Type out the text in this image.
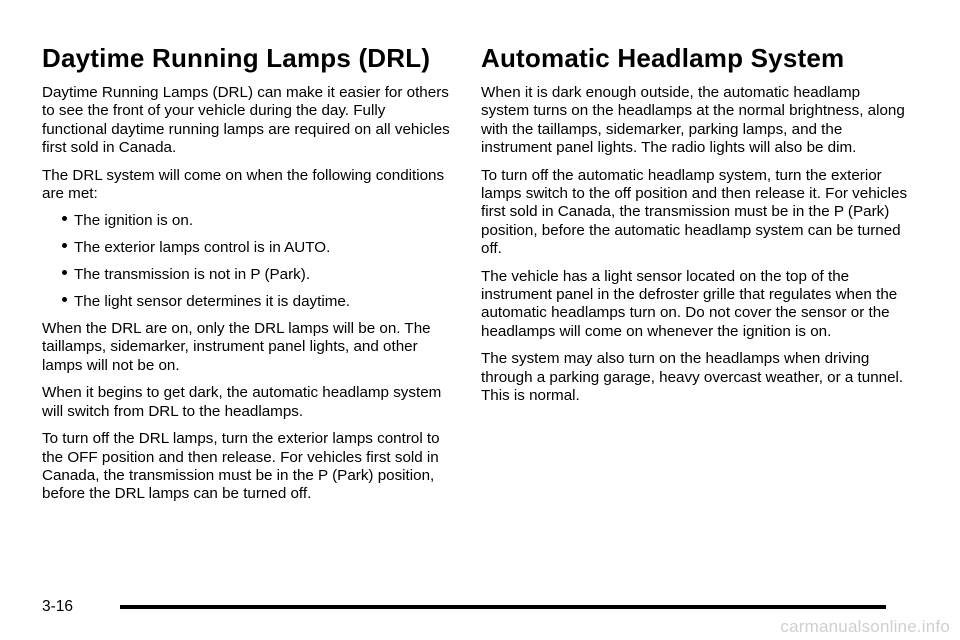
Daytime Running Lamps (DRL)

Daytime Running Lamps (DRL) can make it easier for others to see the front of your vehicle during the day. Fully functional daytime running lamps are required on all vehicles first sold in Canada.

The DRL system will come on when the following conditions are met:

The ignition is on.
The exterior lamps control is in AUTO.
The transmission is not in P (Park).
The light sensor determines it is daytime.

When the DRL are on, only the DRL lamps will be on. The taillamps, sidemarker, instrument panel lights, and other lamps will not be on.

When it begins to get dark, the automatic headlamp system will switch from DRL to the headlamps.

To turn off the DRL lamps, turn the exterior lamps control to the OFF position and then release. For vehicles first sold in Canada, the transmission must be in the P (Park) position, before the DRL lamps can be turned off.

Automatic Headlamp System

When it is dark enough outside, the automatic headlamp system turns on the headlamps at the normal brightness, along with the taillamps, sidemarker, parking lamps, and the instrument panel lights. The radio lights will also be dim.

To turn off the automatic headlamp system, turn the exterior lamps switch to the off position and then release it. For vehicles first sold in Canada, the transmission must be in the P (Park) position, before the automatic headlamp system can be turned off.

The vehicle has a light sensor located on the top of the instrument panel in the defroster grille that regulates when the automatic headlamps turn on. Do not cover the sensor or the headlamps will come on whenever the ignition is on.

The system may also turn on the headlamps when driving through a parking garage, heavy overcast weather, or a tunnel. This is normal.

3-16
carmanualsonline.info
